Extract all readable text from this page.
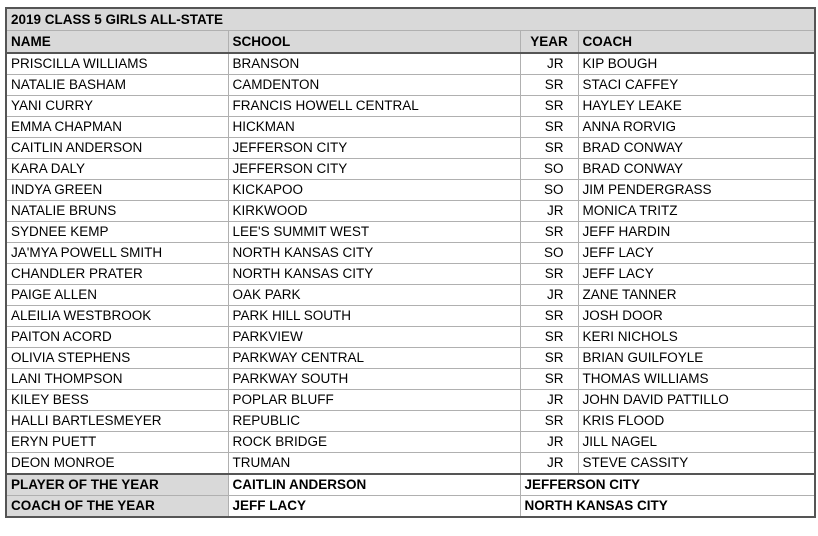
2019 CLASS 5 GIRLS ALL-STATE			
NAME	SCHOOL	YEAR	COACH
PRISCILLA WILLIAMS	BRANSON	JR	KIP BOUGH
NATALIE BASHAM	CAMDENTON	SR	STACI CAFFEY
YANI CURRY	FRANCIS HOWELL CENTRAL	SR	HAYLEY LEAKE
EMMA CHAPMAN	HICKMAN	SR	ANNA RORVIG
CAITLIN ANDERSON	JEFFERSON CITY	SR	BRAD CONWAY
KARA DALY	JEFFERSON CITY	SO	BRAD CONWAY
INDYA GREEN	KICKAPOO	SO	JIM PENDERGRASS
NATALIE BRUNS	KIRKWOOD	JR	MONICA TRITZ
SYDNEE KEMP	LEE'S SUMMIT WEST	SR	JEFF HARDIN
JA'MYA POWELL SMITH	NORTH KANSAS CITY	SO	JEFF LACY
CHANDLER PRATER	NORTH KANSAS CITY	SR	JEFF LACY
PAIGE ALLEN	OAK PARK	JR	ZANE TANNER
ALEILIA WESTBROOK	PARK HILL SOUTH	SR	JOSH DOOR
PAITON ACORD	PARKVIEW	SR	KERI NICHOLS
OLIVIA STEPHENS	PARKWAY CENTRAL	SR	BRIAN GUILFOYLE
LANI THOMPSON	PARKWAY SOUTH	SR	THOMAS WILLIAMS
KILEY BESS	POPLAR BLUFF	JR	JOHN DAVID PATTILLO
HALLI BARTLESMEYER	REPUBLIC	SR	KRIS FLOOD
ERYN PUETT	ROCK BRIDGE	JR	JILL NAGEL
DEON MONROE	TRUMAN	JR	STEVE CASSITY
PLAYER OF THE YEAR	CAITLIN ANDERSON	JEFFERSON CITY	
COACH OF THE YEAR	JEFF LACY	NORTH KANSAS CITY	
